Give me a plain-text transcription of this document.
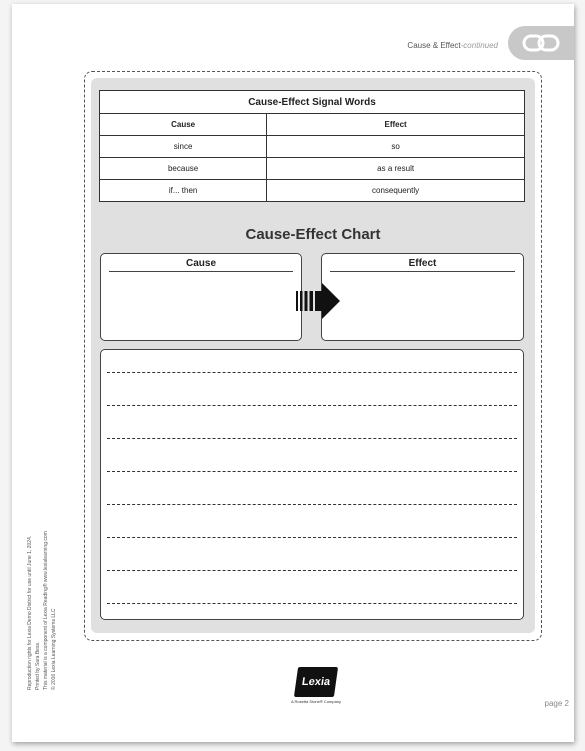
Cause & Effect-continued
Cause-Effect Signal Words	
Cause	Effect
since	so
because	as a result
if... then	consequently
Cause-Effect Chart
Cause	Effect
Reproduction rights for Lexia Demo District for use until June 1, 2024. Printed by Sara Bess. This material is a component of Lexia Reading® www.lexialearning.com © 2016 Lexia Learning Systems LLC	Lexia
A Rosetta Stone® Company	page 2
